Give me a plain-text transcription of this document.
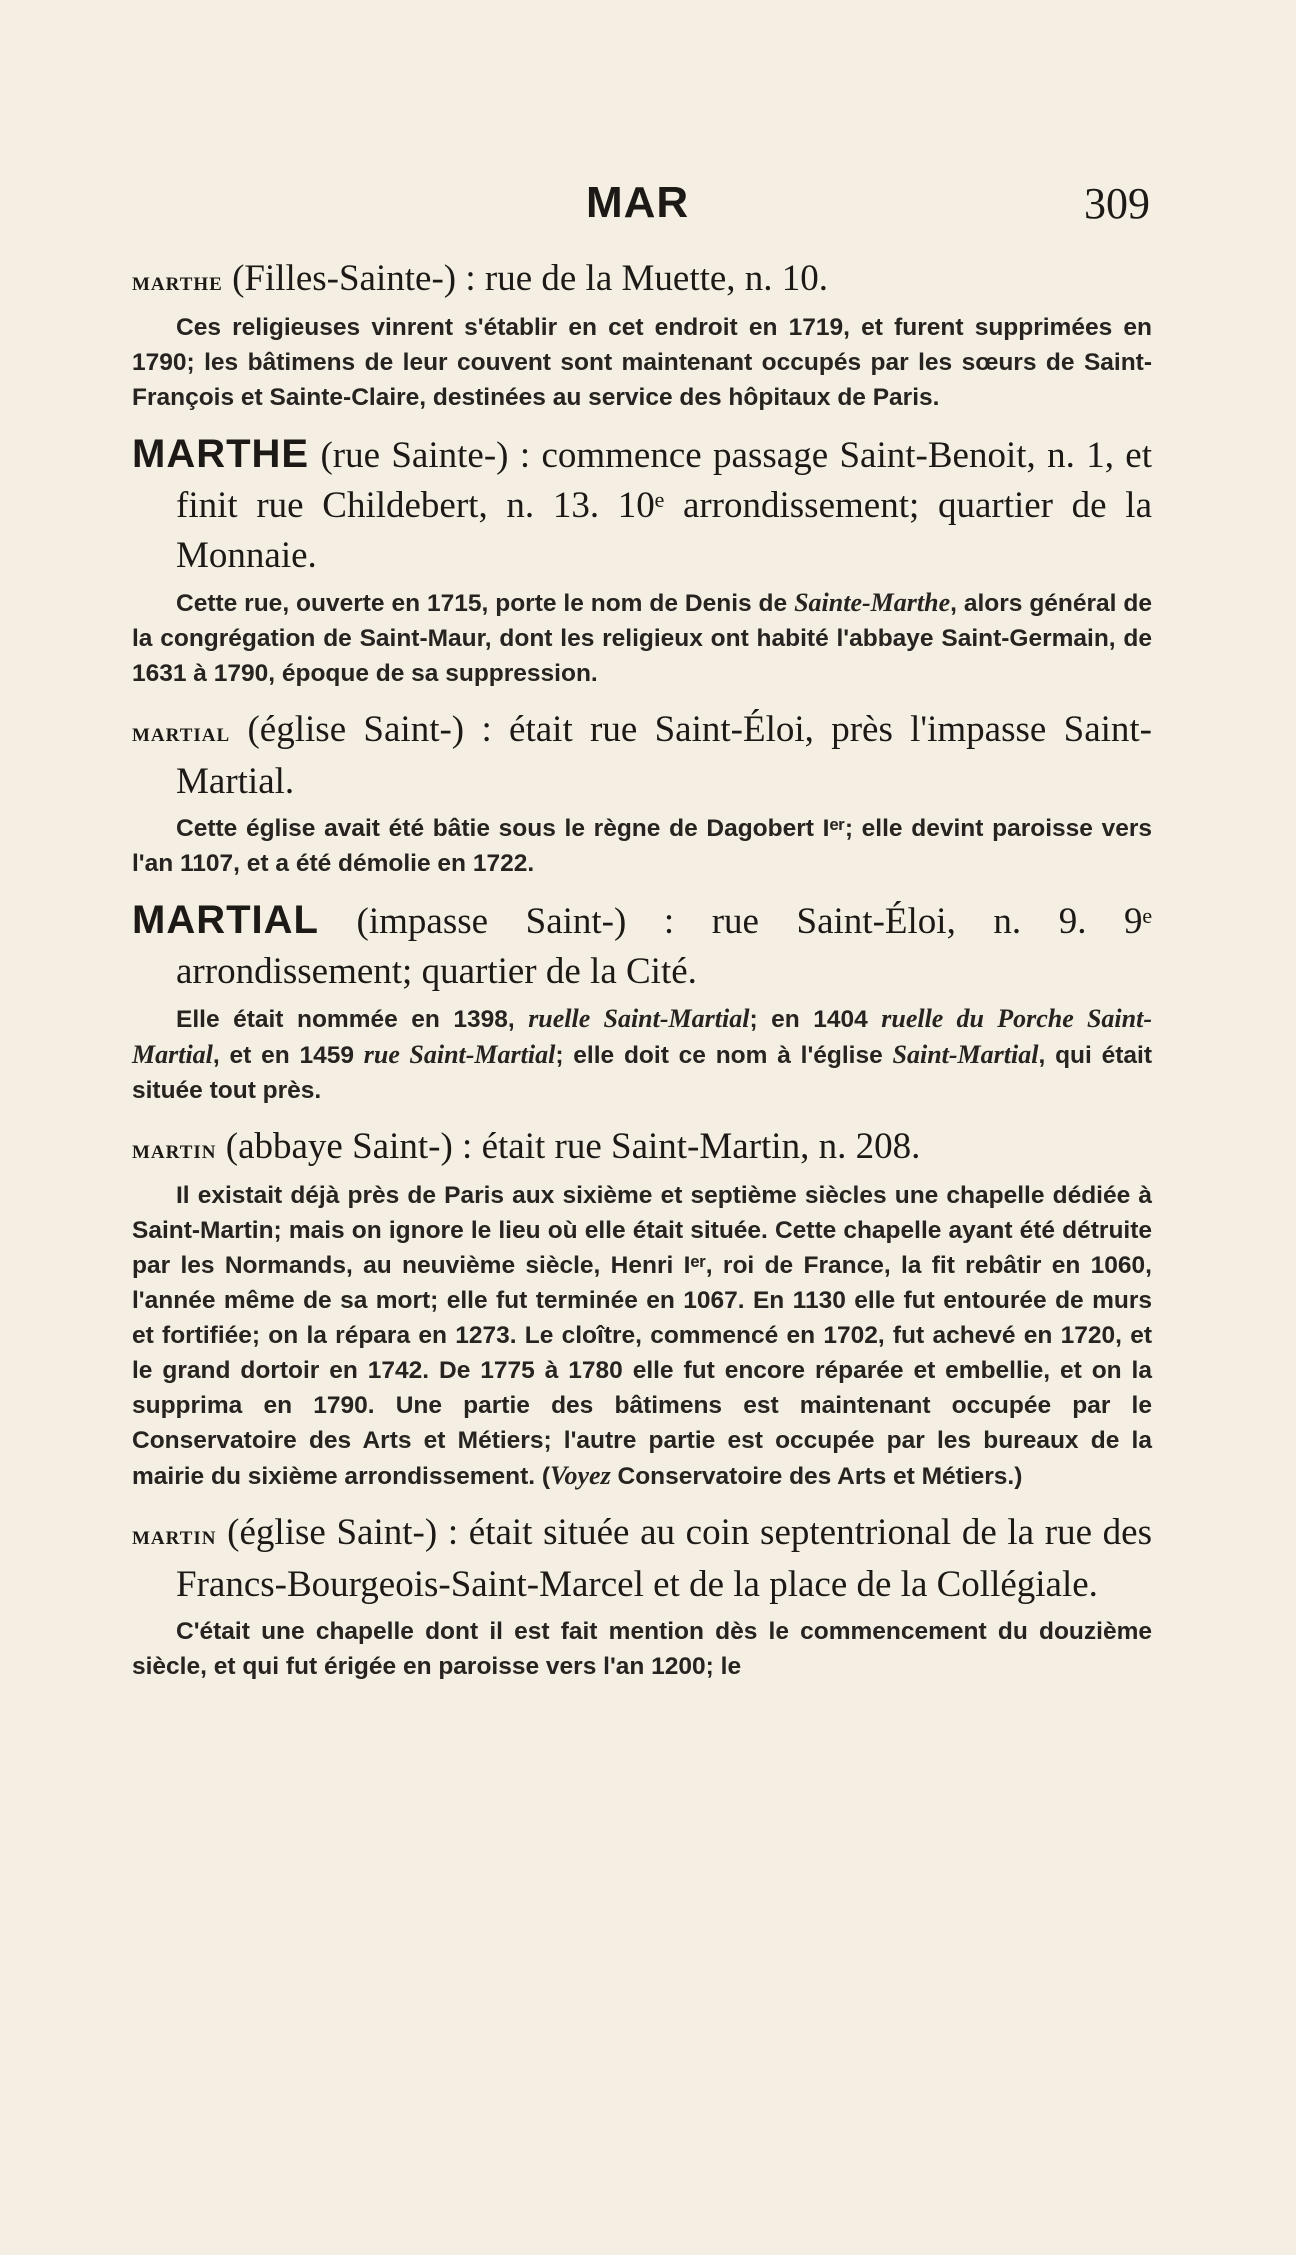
MAR	309
marthe (Filles-Sainte-) : rue de la Muette, n. 10.
Ces religieuses vinrent s'établir en cet endroit en 1719, et furent supprimées en 1790; les bâtimens de leur couvent sont maintenant occupés par les sœurs de Saint-François et Sainte-Claire, destinées au service des hôpitaux de Paris.
MARTHE (rue Sainte-) : commence passage Saint-Benoit, n. 1, et finit rue Childebert, n. 13. 10ᵉ arrondissement; quartier de la Monnaie.
Cette rue, ouverte en 1715, porte le nom de Denis de Sainte-Marthe, alors général de la congrégation de Saint-Maur, dont les religieux ont habité l'abbaye Saint-Germain, de 1631 à 1790, époque de sa suppression.
martial (église Saint-) : était rue Saint-Éloi, près l'impasse Saint-Martial.
Cette église avait été bâtie sous le règne de Dagobert Iᵉʳ; elle devint paroisse vers l'an 1107, et a été démolie en 1722.
MARTIAL (impasse Saint-) : rue Saint-Éloi, n. 9. 9ᵉ arrondissement; quartier de la Cité.
Elle était nommée en 1398, ruelle Saint-Martial; en 1404 ruelle du Porche Saint-Martial, et en 1459 rue Saint-Martial; elle doit ce nom à l'église Saint-Martial, qui était située tout près.
martin (abbaye Saint-) : était rue Saint-Martin, n. 208.
Il existait déjà près de Paris aux sixième et septième siècles une chapelle dédiée à Saint-Martin; mais on ignore le lieu où elle était située. Cette chapelle ayant été détruite par les Normands, au neuvième siècle, Henri Iᵉʳ, roi de France, la fit rebâtir en 1060, l'année même de sa mort; elle fut terminée en 1067. En 1130 elle fut entourée de murs et fortifiée; on la répara en 1273. Le cloître, commencé en 1702, fut achevé en 1720, et le grand dortoir en 1742. De 1775 à 1780 elle fut encore réparée et embellie, et on la supprima en 1790. Une partie des bâtimens est maintenant occupée par le Conservatoire des Arts et Métiers; l'autre partie est occupée par les bureaux de la mairie du sixième arrondissement. (Voyez Conservatoire des Arts et Métiers.)
martin (église Saint-) : était située au coin septentrional de la rue des Francs-Bourgeois-Saint-Marcel et de la place de la Collégiale.
C'était une chapelle dont il est fait mention dès le commencement du douzième siècle, et qui fut érigée en paroisse vers l'an 1200; le
